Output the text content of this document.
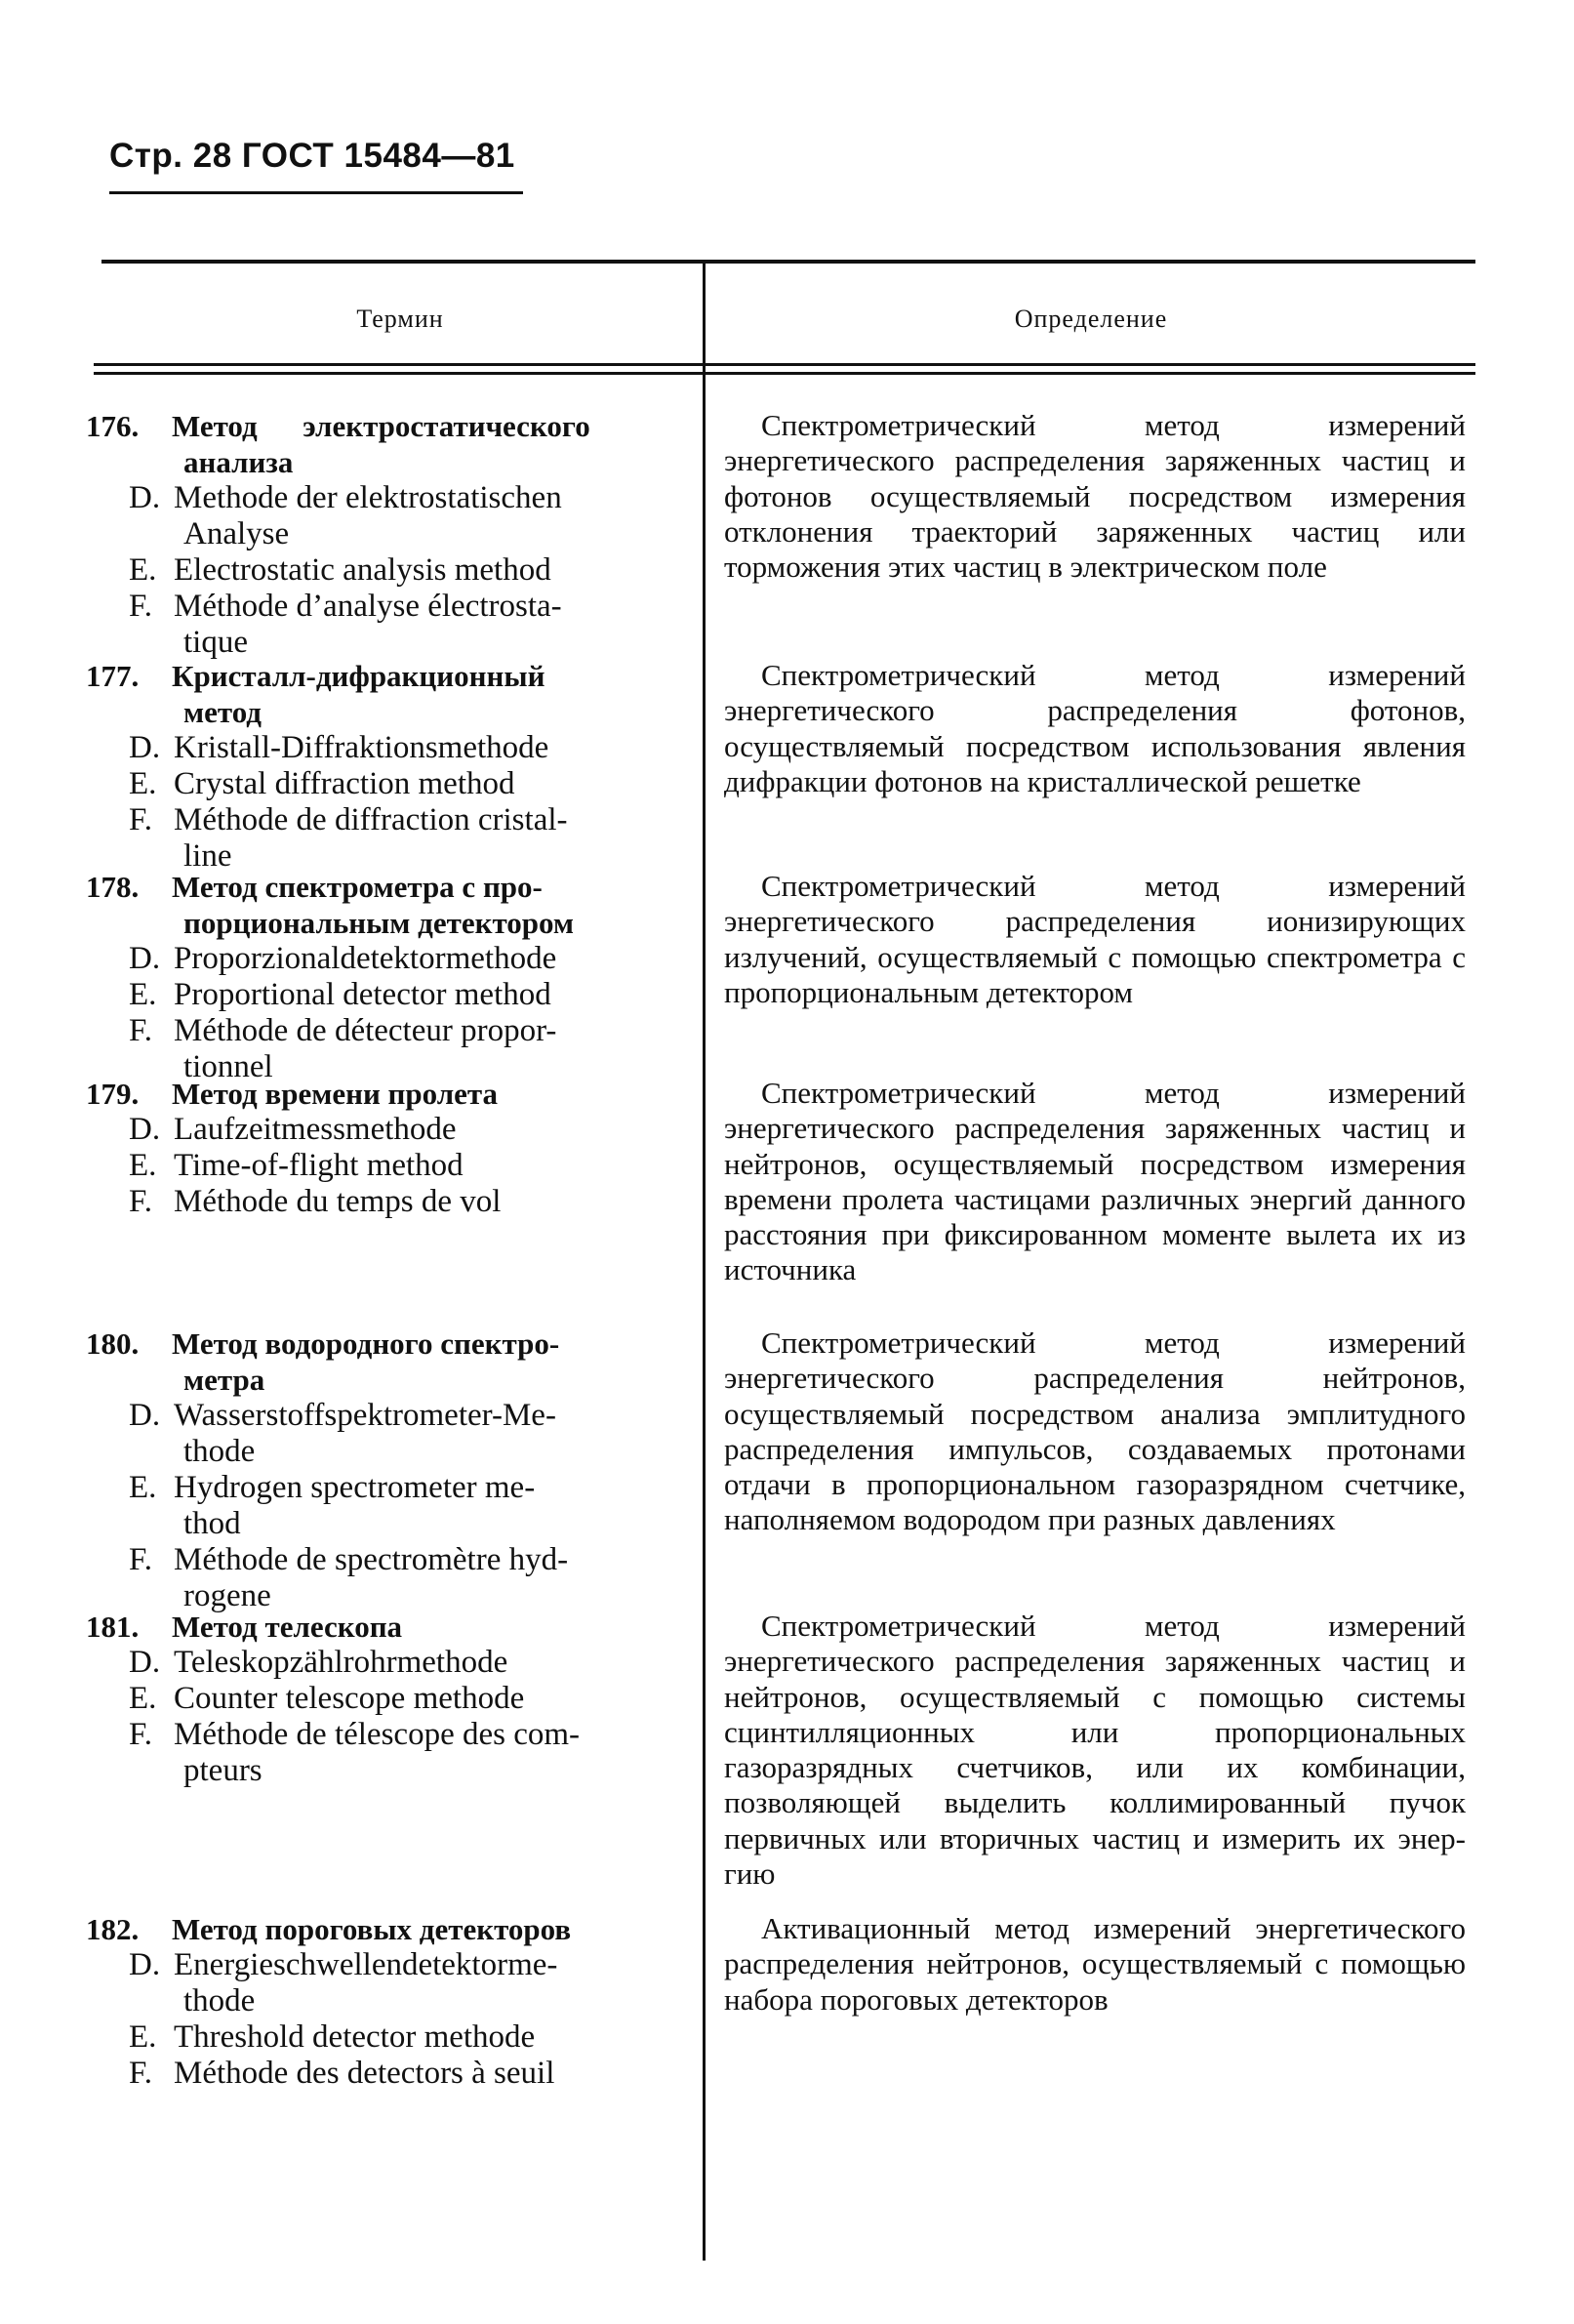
Стр. 28 ГОСТ 15484—81
Термин	Определение
176. Метод      электростатического
анализа
D. Methode der elektrostatischen
Analyse
E. Electrostatic analysis method
F. Méthode d’analyse électrosta-
tique
177. Кристалл-дифракционный
метод
D. Kristall-Diffraktionsmethode
E. Crystal diffraction method
F. Méthode de diffraction cristal-
line
178. Метод спектрометра с про-
порциональным детектором
D. Proporzionaldetektormethode
E. Proportional detector method
F. Méthode de détecteur propor-
tionnel
179. Метод времени пролета
D. Laufzeitmessmethode
E. Time-of-flight method
F. Méthode du temps de vol
180. Метод водородного спектро-
метра
D. Wasserstoffspektrometer-Me-
thode
E. Hydrogen spectrometer me-
thod
F. Méthode de spectromètre hyd-
rogene
181. Метод телескопа
D. Teleskopzählrohrmethode
E. Counter telescope methode
F. Méthode de télescope des com-
pteurs
182. Метод пороговых детекторов
D. Energieschwellendetektorme-
thode
E. Threshold detector methode
F. Méthode des detectors à seuil
Спектрометрический метод измерений энергетического распределения заряженных частиц и фотонов осуществляемый посредством измерения отклонения траекторий заряженных частиц или торможения этих частиц в электрическом поле
Спектрометрический метод измерений энергетического распределения фотонов, осуществляемый посредством использования явления дифракции фотонов на кристаллической решетке
Спектрометрический метод измерений энергетического распределения ионизирующих излучений, осуществляемый с помощью спектрометра с пропорциональным детектором
Спектрометрический метод измерений энергетического распределения заряженных частиц и нейтронов, осуществляемый посредством измерения времени пролета частицами различных энергий данного расстояния при фиксированном моменте вылета их из источника
Спектрометрический метод измерений энергетического распределения нейтронов, осуществляемый посредством анализа эмплитудного распределения импульсов, создаваемых протонами отдачи в пропорциональном газоразрядном счетчике, наполняемом водородом при разных давлениях
Спектрометрический метод измерений энергетического распределения заряженных частиц и нейтронов, осуществляемый с помощью системы сцинтилляционных или пропорциональных газоразрядных счетчиков, или их комбинации, позволяющей выделить коллимированный пучок первичных или вторичных частиц и измерить их энергию
Активационный метод измерений энергетического распределения нейтронов, осуществляемый с помощью набора пороговых детекторов
